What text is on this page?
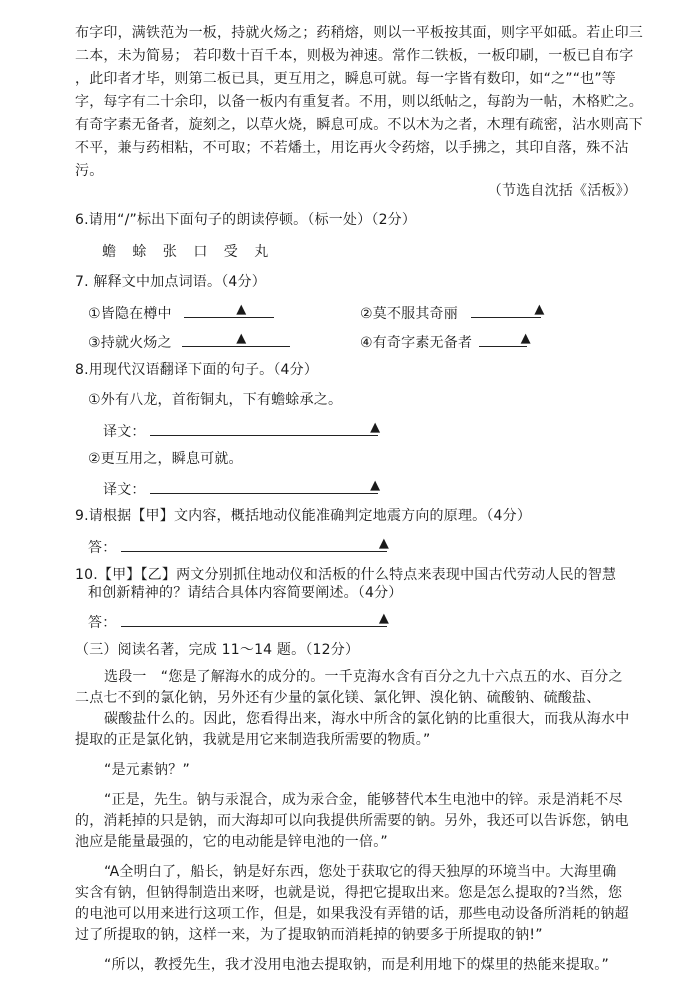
布字印，满铁范为一板，持就火炀之；药稍熔，则以一平板按其面，则字平如砥。若止印三
二本，未为简易； 若印数十百千本，则极为神速。常作二铁板，一板印刷，一板已自布字
，此印者才毕，则第二板已具，更互用之，瞬息可就。每一字皆有数印，如“之”“也”等
字，每字有二十余印，以备一板内有重复者。不用，则以纸帖之，每韵为一帖，木格贮之。
有奇字素无备者，旋刻之，以草火烧，瞬息可成。不以木为之者，木理有疏密，沾水则高下
不平，兼与药相粘，不可取；不若燔土，用讫再火令药熔，以手拂之，其印自落，殊不沾
污。
（节选自沈括《活板》）
6.请用“/”标出下面句子的朗读停顿。（标一处）（2分）
蟾 蜍 张 口 受 丸
7. 解释文中加点词语。（4分）
①皆隐在樽中	▲	②莫不服其奇丽	▲
③持就火炀之	▲	④有奇字素无备者	▲
8.用现代汉语翻译下面的句子。（4分）
①外有八龙，首衔铜丸，下有蟾蜍承之。
译文：	▲
②更互用之，瞬息可就。
译文：	▲
9.请根据【甲】文内容，概括地动仪能准确判定地震方向的原理。（4分）
答：	▲
10.【甲】【乙】两文分别抓住地动仪和活板的什么特点来表现中国古代劳动人民的智慧
和创新精神的？请结合具体内容简要阐述。（4分）
答：	▲
（三）阅读名著，完成 11～14 题。（12分）
选段一　“您是了解海水的成分的。一千克海水含有百分之九十六点五的水、百分之
二点七不到的氯化钠，另外还有少量的氯化镁、氯化钾、溴化钠、硫酸钠、硫酸盐、
碳酸盐什么的。因此，您看得出来，海水中所含的氯化钠的比重很大，而我从海水中
提取的正是氯化钠，我就是用它来制造我所需要的物质。”
“是元素钠？”
“正是，先生。钠与汞混合，成为汞合金，能够替代本生电池中的锌。汞是消耗不尽
的，消耗掉的只是钠，而大海却可以向我提供所需要的钠。另外，我还可以告诉您，钠电
池应是能量最强的，它的电动能是锌电池的一倍。”
“A全明白了，船长，钠是好东西，您处于获取它的得天独厚的环境当中。大海里确
实含有钠，但钠得制造出来呀，也就是说，得把它提取出来。您是怎么提取的?当然，您
的电池可以用来进行这项工作，但是，如果我没有弄错的话，那些电动设备所消耗的钠超
过了所提取的钠，这样一来，为了提取钠而消耗掉的钠要多于所提取的钠!”
“所以，教授先生，我才没用电池去提取钠，而是利用地下的煤里的热能来提取。”
